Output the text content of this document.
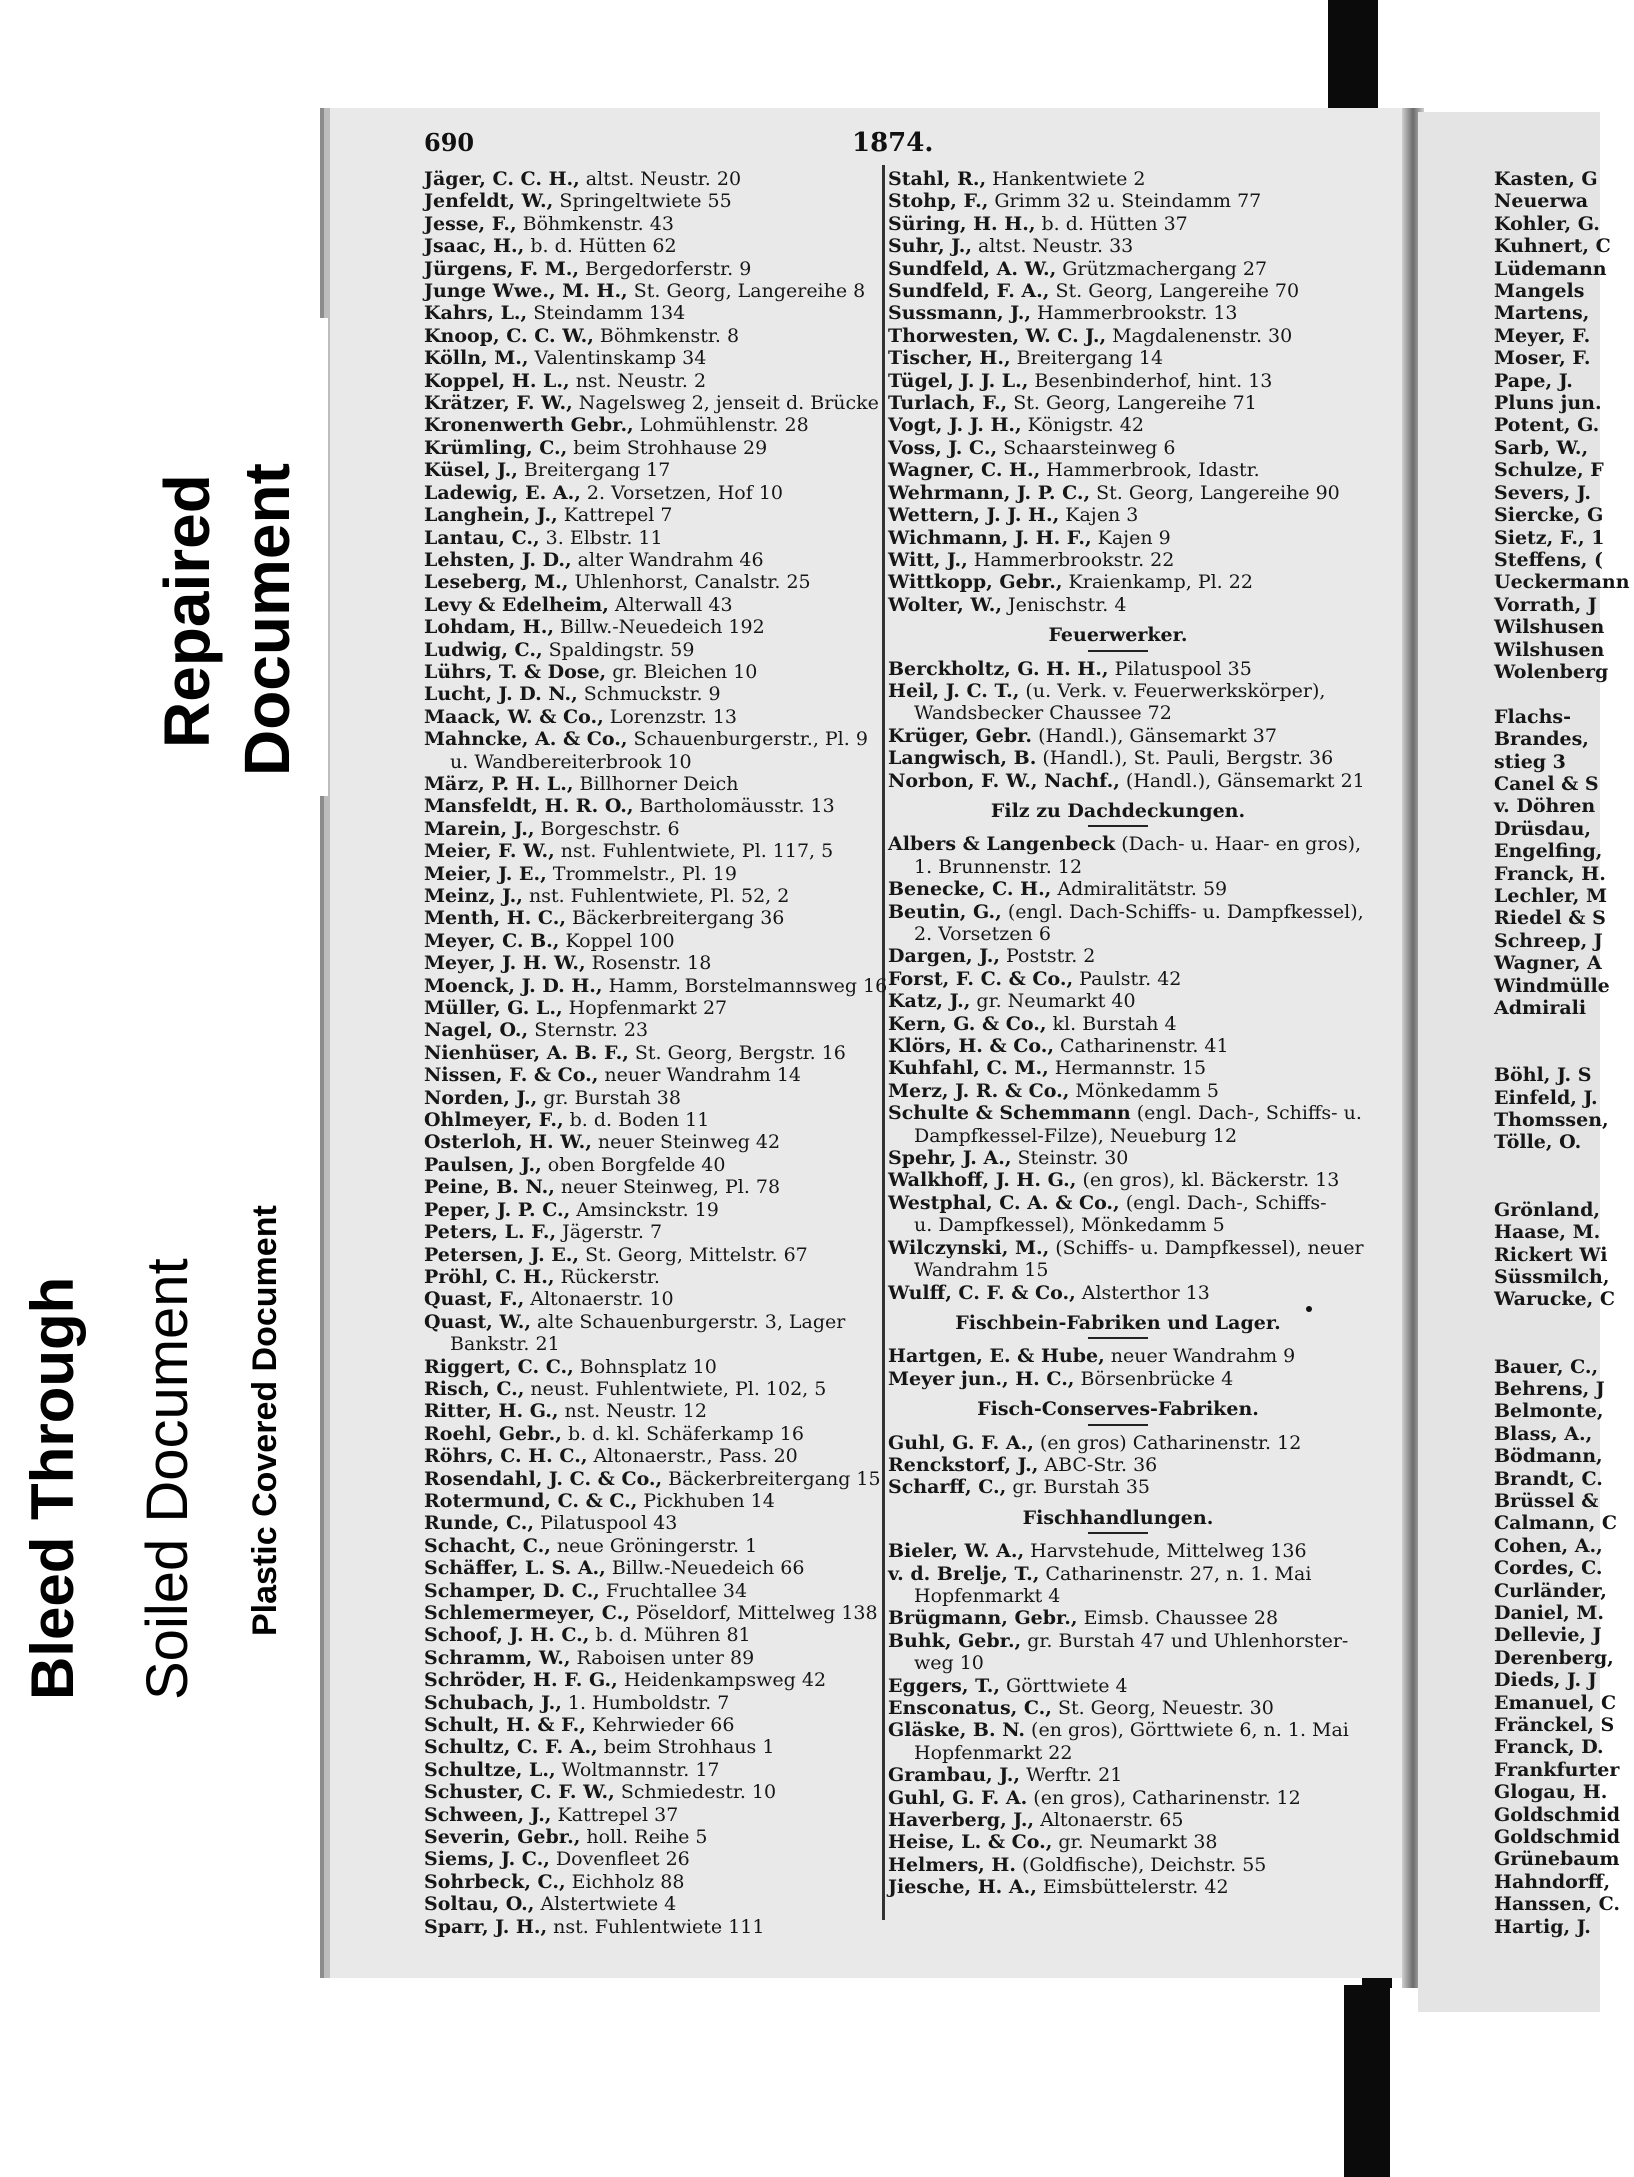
690	1874.
Jäger, C. C. H., altst. Neustr. 20
Jenfeldt, W., Springeltwiete 55
Jesse, F., Böhmkenstr. 43
Jsaac, H., b. d. Hütten 62
Jürgens, F. M., Bergedorferstr. 9
Junge Wwe., M. H., St. Georg, Langereihe 8
Kahrs, L., Steindamm 134
Knoop, C. C. W., Böhmkenstr. 8
Kölln, M., Valentinskamp 34
Koppel, H. L., nst. Neustr. 2
Krätzer, F. W., Nagelsweg 2, jenseit d. Brücke
Kronenwerth Gebr., Lohmühlenstr. 28
Krümling, C., beim Strohhause 29
Küsel, J., Breitergang 17
Ladewig, E. A., 2. Vorsetzen, Hof 10
Langhein, J., Kattrepel 7
Lantau, C., 3. Elbstr. 11
Lehsten, J. D., alter Wandrahm 46
Leseberg, M., Uhlenhorst, Canalstr. 25
Levy & Edelheim, Alterwall 43
Lohdam, H., Billw.-Neuedeich 192
Ludwig, C., Spaldingstr. 59
Lührs, T. & Dose, gr. Bleichen 10
Lucht, J. D. N., Schmuckstr. 9
Maack, W. & Co., Lorenzstr. 13
Mahncke, A. & Co., Schauenburgerstr., Pl. 9
u. Wandbereiterbrook 10
März, P. H. L., Billhorner Deich
Mansfeldt, H. R. O., Bartholomäusstr. 13
Marein, J., Borgeschstr. 6
Meier, F. W., nst. Fuhlentwiete, Pl. 117, 5
Meier, J. E., Trommelstr., Pl. 19
Meinz, J., nst. Fuhlentwiete, Pl. 52, 2
Menth, H. C., Bäckerbreitergang 36
Meyer, C. B., Koppel 100
Meyer, J. H. W., Rosenstr. 18
Moenck, J. D. H., Hamm, Borstelmannsweg 16
Müller, G. L., Hopfenmarkt 27
Nagel, O., Sternstr. 23
Nienhüser, A. B. F., St. Georg, Bergstr. 16
Nissen, F. & Co., neuer Wandrahm 14
Norden, J., gr. Burstah 38
Ohlmeyer, F., b. d. Boden 11
Osterloh, H. W., neuer Steinweg 42
Paulsen, J., oben Borgfelde 40
Peine, B. N., neuer Steinweg, Pl. 78
Peper, J. P. C., Amsinckstr. 19
Peters, L. F., Jägerstr. 7
Petersen, J. E., St. Georg, Mittelstr. 67
Pröhl, C. H., Rückerstr.
Quast, F., Altonaerstr. 10
Quast, W., alte Schauenburgerstr. 3, Lager
Bankstr. 21
Riggert, C. C., Bohnsplatz 10
Risch, C., neust. Fuhlentwiete, Pl. 102, 5
Ritter, H. G., nst. Neustr. 12
Roehl, Gebr., b. d. kl. Schäferkamp 16
Röhrs, C. H. C., Altonaerstr., Pass. 20
Rosendahl, J. C. & Co., Bäckerbreitergang 15
Rotermund, C. & C., Pickhuben 14
Runde, C., Pilatuspool 43
Schacht, C., neue Gröningerstr. 1
Schäffer, L. S. A., Billw.-Neuedeich 66
Schamper, D. C., Fruchtallee 34
Schlemermeyer, C., Pöseldorf, Mittelweg 138
Schoof, J. H. C., b. d. Mühren 81
Schramm, W., Raboisen unter 89
Schröder, H. F. G., Heidenkampsweg 42
Schubach, J., 1. Humboldstr. 7
Schult, H. & F., Kehrwieder 66
Schultz, C. F. A., beim Strohhaus 1
Schultze, L., Woltmannstr. 17
Schuster, C. F. W., Schmiedestr. 10
Schween, J., Kattrepel 37
Severin, Gebr., holl. Reihe 5
Siems, J. C., Dovenfleet 26
Sohrbeck, C., Eichholz 88
Soltau, O., Alstertwiete 4
Sparr, J. H., nst. Fuhlentwiete 111
Stahl, R., Hankentwiete 2
Stohp, F., Grimm 32 u. Steindamm 77
Süring, H. H., b. d. Hütten 37
Suhr, J., altst. Neustr. 33
Sundfeld, A. W., Grützmachergang 27
Sundfeld, F. A., St. Georg, Langereihe 70
Sussmann, J., Hammerbrookstr. 13
Thorwesten, W. C. J., Magdalenenstr. 30
Tischer, H., Breitergang 14
Tügel, J. J. L., Besenbinderhof, hint. 13
Turlach, F., St. Georg, Langereihe 71
Vogt, J. J. H., Königstr. 42
Voss, J. C., Schaarsteinweg 6
Wagner, C. H., Hammerbrook, Idastr.
Wehrmann, J. P. C., St. Georg, Langereihe 90
Wettern, J. J. H., Kajen 3
Wichmann, J. H. F., Kajen 9
Witt, J., Hammerbrookstr. 22
Wittkopp, Gebr., Kraienkamp, Pl. 22
Wolter, W., Jenischstr. 4
Feuerwerker.
Berckholtz, G. H. H., Pilatuspool 35
Heil, J. C. T., (u. Verk. v. Feuerwerkskörper),
Wandsbecker Chaussee 72
Krüger, Gebr. (Handl.), Gänsemarkt 37
Langwisch, B. (Handl.), St. Pauli, Bergstr. 36
Norbon, F. W., Nachf., (Handl.), Gänsemarkt 21
Filz zu Dachdeckungen.
Albers & Langenbeck (Dach- u. Haar- en gros),
1. Brunnenstr. 12
Benecke, C. H., Admiralitätstr. 59
Beutin, G., (engl. Dach-Schiffs- u. Dampfkessel),
2. Vorsetzen 6
Dargen, J., Poststr. 2
Forst, F. C. & Co., Paulstr. 42
Katz, J., gr. Neumarkt 40
Kern, G. & Co., kl. Burstah 4
Klörs, H. & Co., Catharinenstr. 41
Kuhfahl, C. M., Hermannstr. 15
Merz, J. R. & Co., Mönkedamm 5
Schulte & Schemmann (engl. Dach-, Schiffs- u.
Dampfkessel-Filze), Neueburg 12
Spehr, J. A., Steinstr. 30
Walkhoff, J. H. G., (en gros), kl. Bäckerstr. 13
Westphal, C. A. & Co., (engl. Dach-, Schiffs-
u. Dampfkessel), Mönkedamm 5
Wilczynski, M., (Schiffs- u. Dampfkessel), neuer
Wandrahm 15
Wulff, C. F. & Co., Alsterthor 13
Fischbein-Fabriken und Lager.
Hartgen, E. & Hube, neuer Wandrahm 9
Meyer jun., H. C., Börsenbrücke 4
Fisch-Conserves-Fabriken.
Guhl, G. F. A., (en gros) Catharinenstr. 12
Renckstorf, J., ABC-Str. 36
Scharff, C., gr. Burstah 35
Fischhandlungen.
Bieler, W. A., Harvstehude, Mittelweg 136
v. d. Brelje, T., Catharinenstr. 27, n. 1. Mai
Hopfenmarkt 4
Brügmann, Gebr., Eimsb. Chaussee 28
Buhk, Gebr., gr. Burstah 47 und Uhlenhorster-
weg 10
Eggers, T., Görttwiete 4
Ensconatus, C., St. Georg, Neuestr. 30
Gläske, B. N. (en gros), Görttwiete 6, n. 1. Mai
Hopfenmarkt 22
Grambau, J., Werftr. 21
Guhl, G. F. A. (en gros), Catharinenstr. 12
Haverberg, J., Altonaerstr. 65
Heise, L. & Co., gr. Neumarkt 38
Helmers, H. (Goldfische), Deichstr. 55
Jiesche, H. A., Eimsbüttelerstr. 42
Kasten, G
Neuerwa
Kohler, G.
Kuhnert, C
Lüdemann
Mangels
Martens,
Meyer, F.
Moser, F.
Pape, J.
Pluns jun.
Potent, G.
Sarb, W.,
Schulze, F
Severs, J.
Siercke, G
Sietz, F., 1
Steffens, (
Ueckermann
Vorrath, J
Wilshusen
Wilshusen
Wolenberg

Flachs-
Brandes,
stieg 3
Canel & S
v. Döhren
Drüsdau,
Engelfing,
Franck, H.
Lechler, M
Riedel & S
Schreep, J
Wagner, A
Windmülle
Admirali

Böhl, J. S
Einfeld, J.
Thomssen,
Tölle, O.

Grönland,
Haase, M.
Rickert Wi
Süssmilch,
Warucke, C

Bauer, C.,
Behrens, J
Belmonte,
Blass, A.,
Bödmann,
Brandt, C.
Brüssel &
Calmann, C
Cohen, A.,
Cordes, C.
Curländer,
Daniel, M.
Dellevie, J
Derenberg,
Dieds, J. J
Emanuel, C
Fränckel, S
Franck, D.
Frankfurter
Glogau, H.
Goldschmid
Goldschmid
Grünebaum
Hahndorff,
Hanssen, C.
Hartig, J.
Repaired Document
Bleed Through Soiled Document Plastic Covered Document
